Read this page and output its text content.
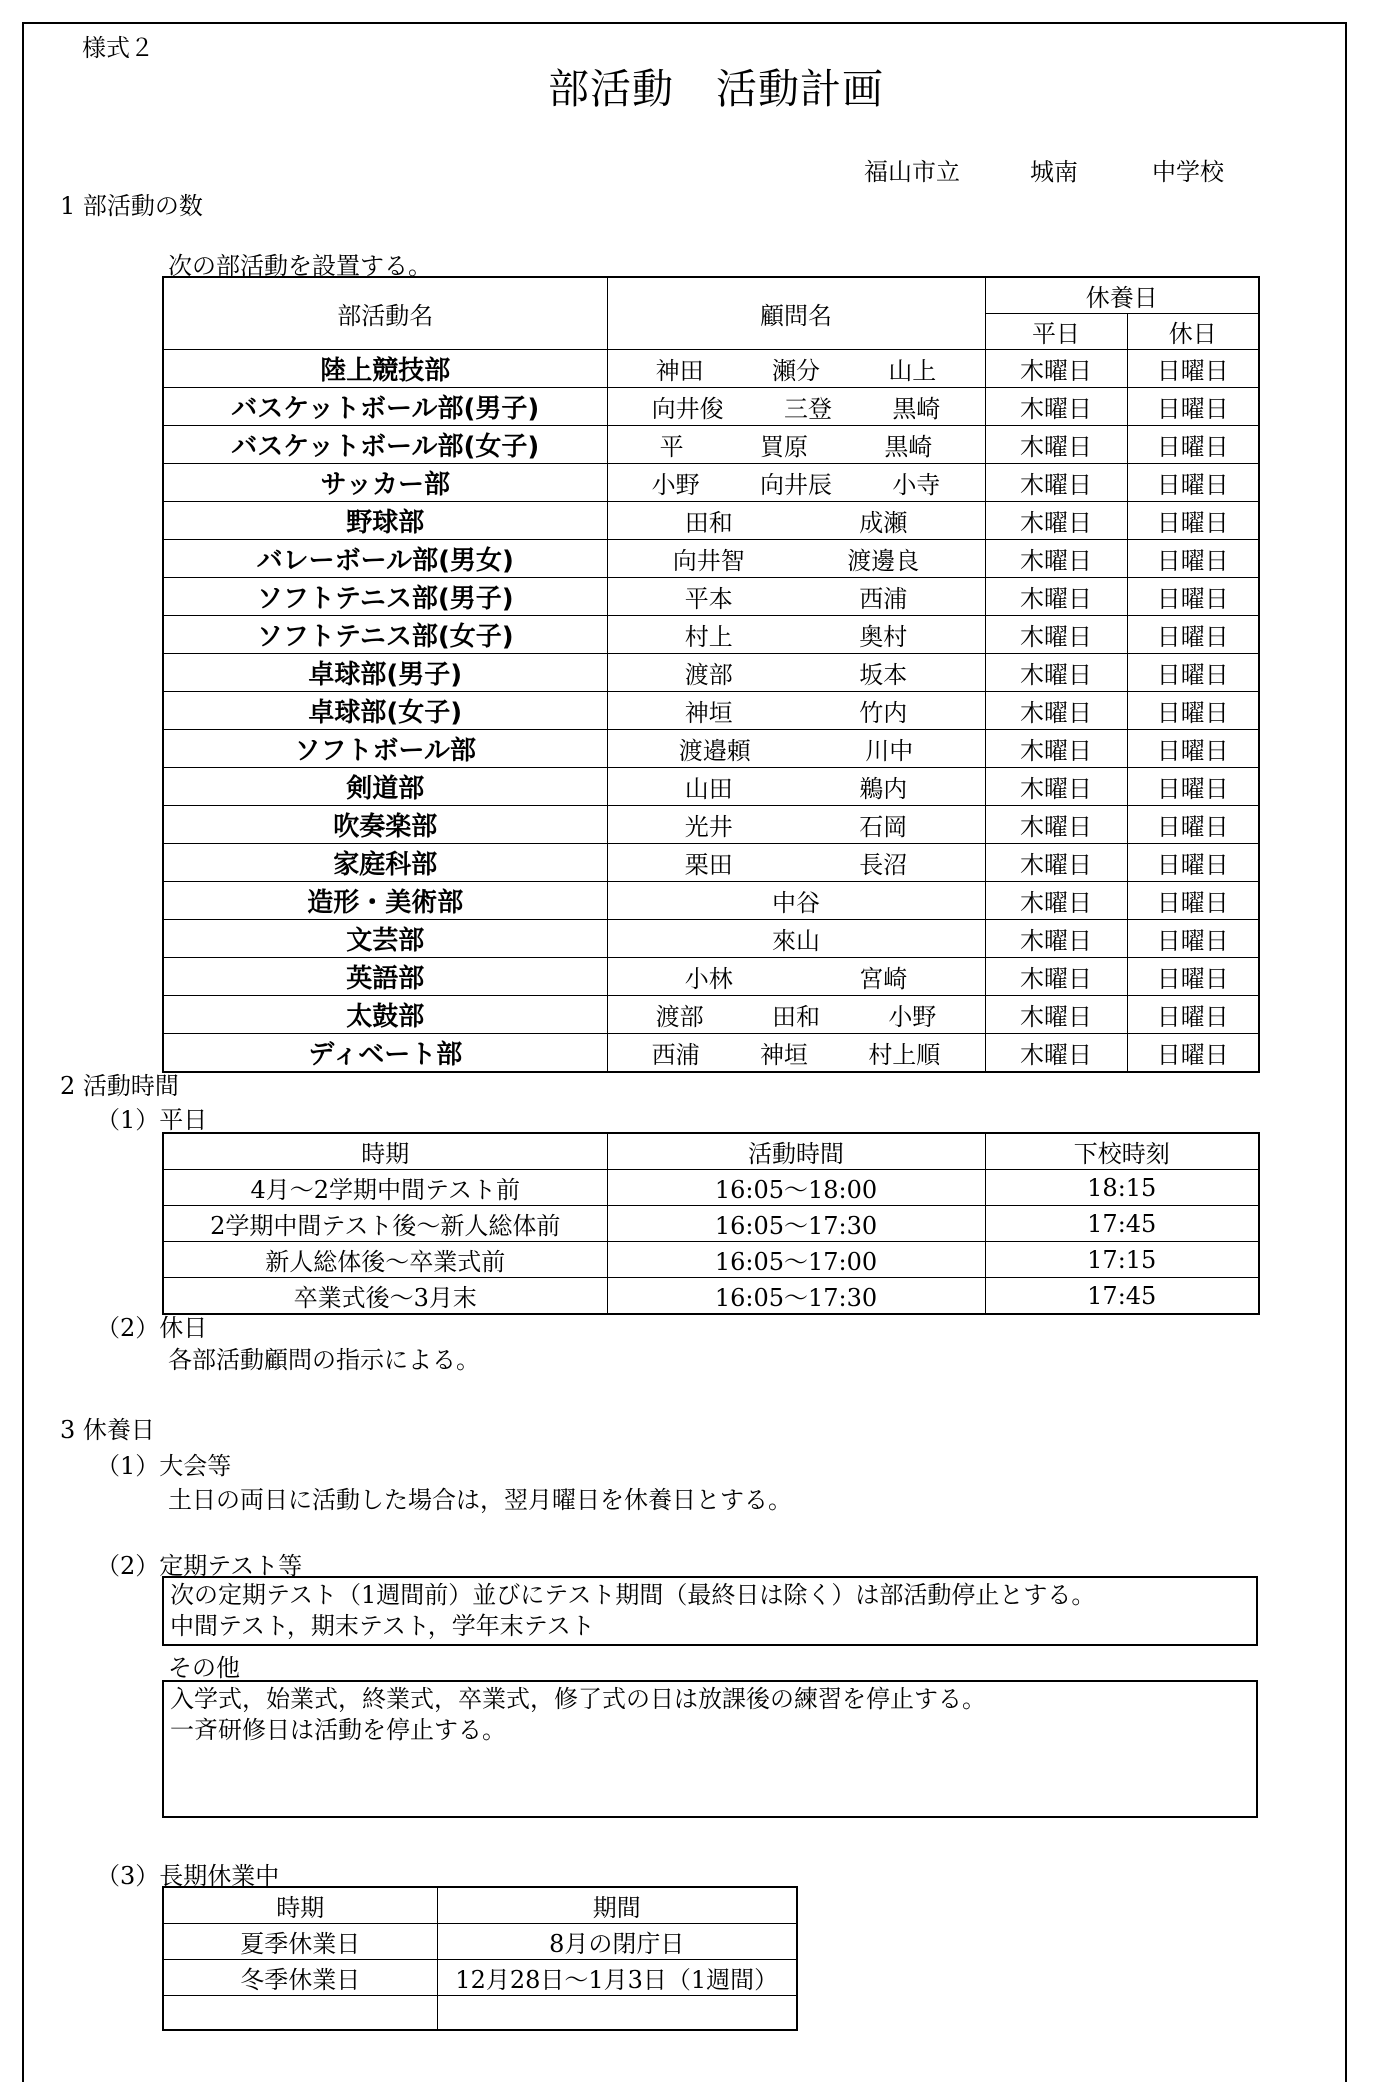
様式２
部活動　活動計画
福山市立	城南	中学校
1 部活動の数
次の部活動を設置する。
部活動名	顧問名	休養日	
		平日	休日
陸上競技部	神田 瀬分 山上	木曜日	日曜日
バスケットボール部(男子)	向井俊 三登 黒崎	木曜日	日曜日
バスケットボール部(女子)	平 買原 黒崎	木曜日	日曜日
サッカー部	小野 向井辰 小寺	木曜日	日曜日
野球部	田和 成瀬	木曜日	日曜日
バレーボール部(男女)	向井智 渡邊良	木曜日	日曜日
ソフトテニス部(男子)	平本 西浦	木曜日	日曜日
ソフトテニス部(女子)	村上 奥村	木曜日	日曜日
卓球部(男子)	渡部 坂本	木曜日	日曜日
卓球部(女子)	神垣 竹内	木曜日	日曜日
ソフトボール部	渡邉頼 川中	木曜日	日曜日
剣道部	山田 鵜内	木曜日	日曜日
吹奏楽部	光井 石岡	木曜日	日曜日
家庭科部	栗田 長沼	木曜日	日曜日
造形・美術部	中谷	木曜日	日曜日
文芸部	來山	木曜日	日曜日
英語部	小林 宮崎	木曜日	日曜日
太鼓部	渡部 田和 小野	木曜日	日曜日
ディベート部	西浦 神垣 村上順	木曜日	日曜日
2 活動時間
（1）平日
時期	活動時間	下校時刻
4月～2学期中間テスト前	16:05～18:00	18:15
2学期中間テスト後～新人総体前	16:05～17:30	17:45
新人総体後～卒業式前	16:05～17:00	17:15
卒業式後～3月末	16:05～17:30	17:45
（2）休日
各部活動顧問の指示による。
3 休養日
（1）大会等
土日の両日に活動した場合は，翌月曜日を休養日とする。
（2）定期テスト等
次の定期テスト（1週間前）並びにテスト期間（最終日は除く）は部活動停止とする。
中間テスト，期末テスト，学年末テスト
その他
入学式，始業式，終業式，卒業式，修了式の日は放課後の練習を停止する。
一斉研修日は活動を停止する。
（3）長期休業中
時期	期間
夏季休業日	8月の閉庁日
冬季休業日	12月28日～1月3日（1週間）
